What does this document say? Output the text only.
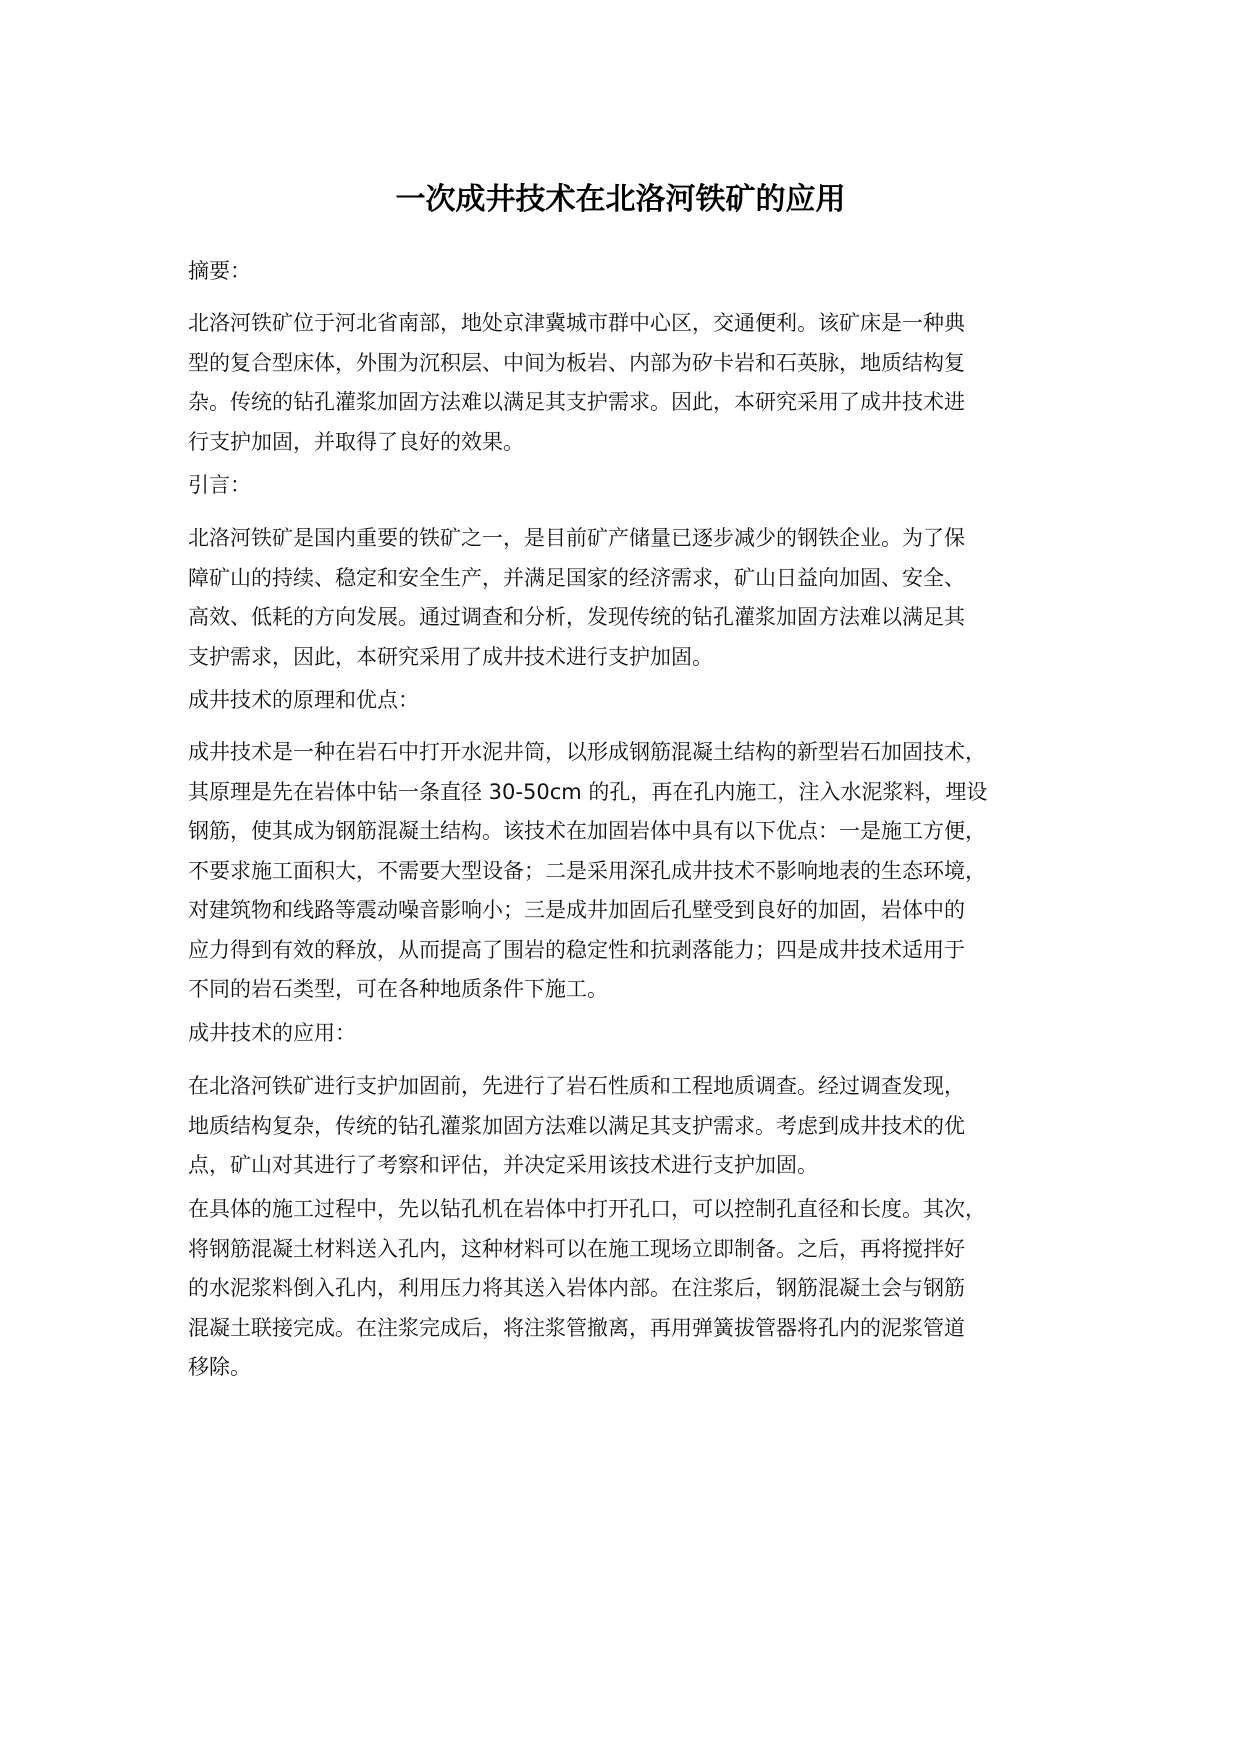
一次成井技术在北洛河铁矿的应用

摘要：

北洛河铁矿位于河北省南部，地处京津冀城市群中心区，交通便利。该矿床是一种典
型的复合型床体，外围为沉积层、中间为板岩、内部为矽卡岩和石英脉，地质结构复
杂。传统的钻孔灌浆加固方法难以满足其支护需求。因此，本研究采用了成井技术进
行支护加固，并取得了良好的效果。

引言：

北洛河铁矿是国内重要的铁矿之一，是目前矿产储量已逐步减少的钢铁企业。为了保
障矿山的持续、稳定和安全生产，并满足国家的经济需求，矿山日益向加固、安全、
高效、低耗的方向发展。通过调查和分析，发现传统的钻孔灌浆加固方法难以满足其
支护需求，因此，本研究采用了成井技术进行支护加固。

成井技术的原理和优点：

成井技术是一种在岩石中打开水泥井筒，以形成钢筋混凝土结构的新型岩石加固技术，
其原理是先在岩体中钻一条直径 30-50cm 的孔，再在孔内施工，注入水泥浆料，埋设
钢筋，使其成为钢筋混凝土结构。该技术在加固岩体中具有以下优点：一是施工方便，
不要求施工面积大，不需要大型设备；二是采用深孔成井技术不影响地表的生态环境，
对建筑物和线路等震动噪音影响小；三是成井加固后孔壁受到良好的加固，岩体中的
应力得到有效的释放，从而提高了围岩的稳定性和抗剥落能力；四是成井技术适用于
不同的岩石类型，可在各种地质条件下施工。

成井技术的应用：

在北洛河铁矿进行支护加固前，先进行了岩石性质和工程地质调查。经过调查发现，
地质结构复杂，传统的钻孔灌浆加固方法难以满足其支护需求。考虑到成井技术的优
点，矿山对其进行了考察和评估，并决定采用该技术进行支护加固。

在具体的施工过程中，先以钻孔机在岩体中打开孔口，可以控制孔直径和长度。其次，
将钢筋混凝土材料送入孔内，这种材料可以在施工现场立即制备。之后，再将搅拌好
的水泥浆料倒入孔内，利用压力将其送入岩体内部。在注浆后，钢筋混凝土会与钢筋
混凝土联接完成。在注浆完成后，将注浆管撤离，再用弹簧拔管器将孔内的泥浆管道
移除。
